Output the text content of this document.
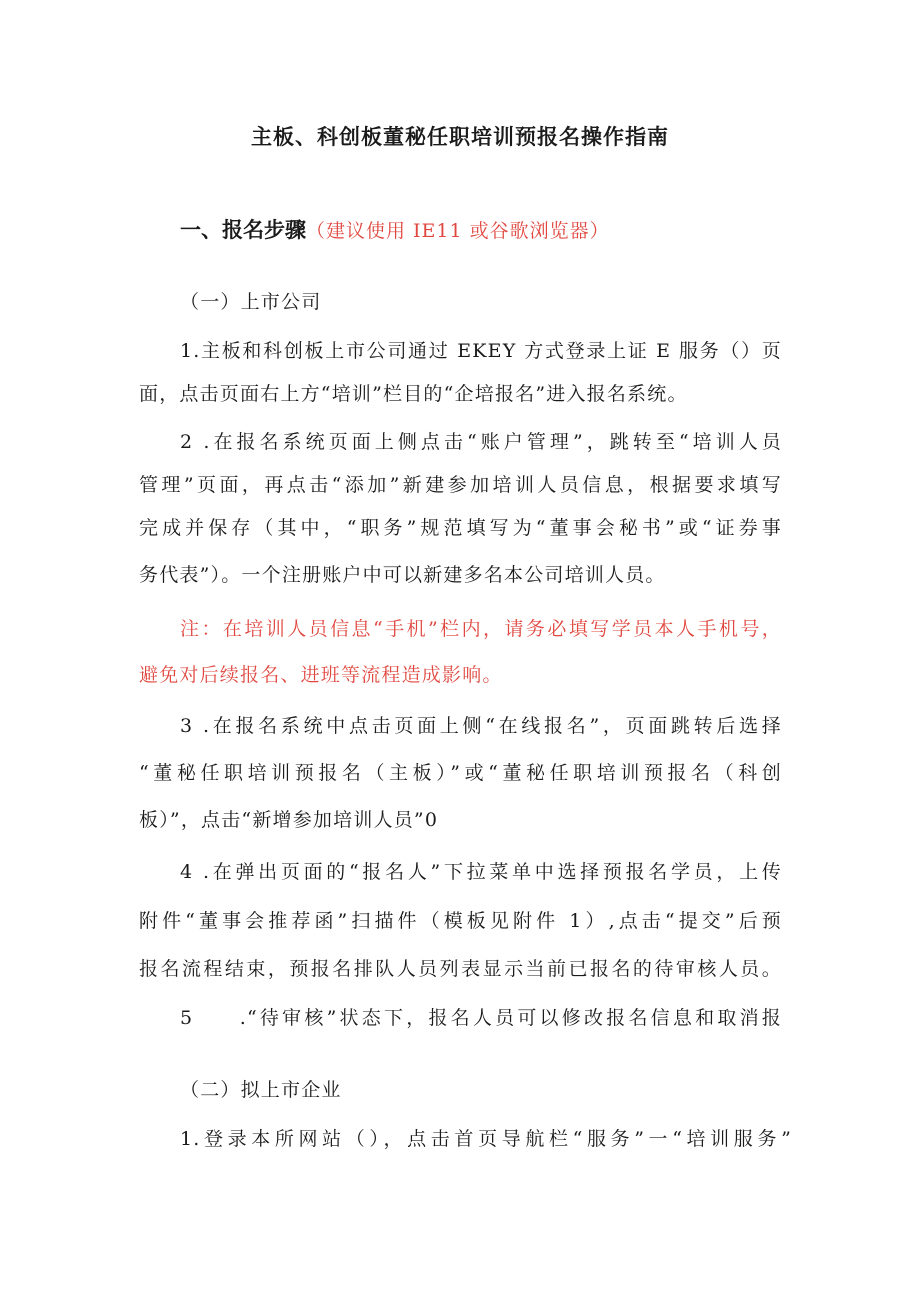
主板、科创板董秘任职培训预报名操作指南
一、报名步骤（建议使用 IE11 或谷歌浏览器）
（一）上市公司
1.主板和科创板上市公司通过 EKEY 方式登录上证 E 服务（）页
面，点击页面右上方“培训”栏目的“企培报名”进入报名系统。
2 .在报名系统页面上侧点击“账户管理”，跳转至“培训人员
管理”页面，再点击“添加”新建参加培训人员信息，根据要求填写
完成并保存（其中，“职务”规范填写为“董事会秘书”或“证券事
务代表”）。一个注册账户中可以新建多名本公司培训人员。
注：在培训人员信息“手机”栏内，请务必填写学员本人手机号，
避免对后续报名、进班等流程造成影响。
3 .在报名系统中点击页面上侧“在线报名”，页面跳转后选择
“董秘任职培训预报名（主板）”或“董秘任职培训预报名（科创
板）”，点击“新增参加培训人员”0
4 .在弹出页面的“报名人”下拉菜单中选择预报名学员，上传
附件“董事会推荐函”扫描件（模板见附件 1）,点击“提交”后预
报名流程结束，预报名排队人员列表显示当前已报名的待审核人员。
5　　.“待审核”状态下，报名人员可以修改报名信息和取消报
（二）拟上市企业
1.登录本所网站（），点击首页导航栏“服务”一“培训服务”
